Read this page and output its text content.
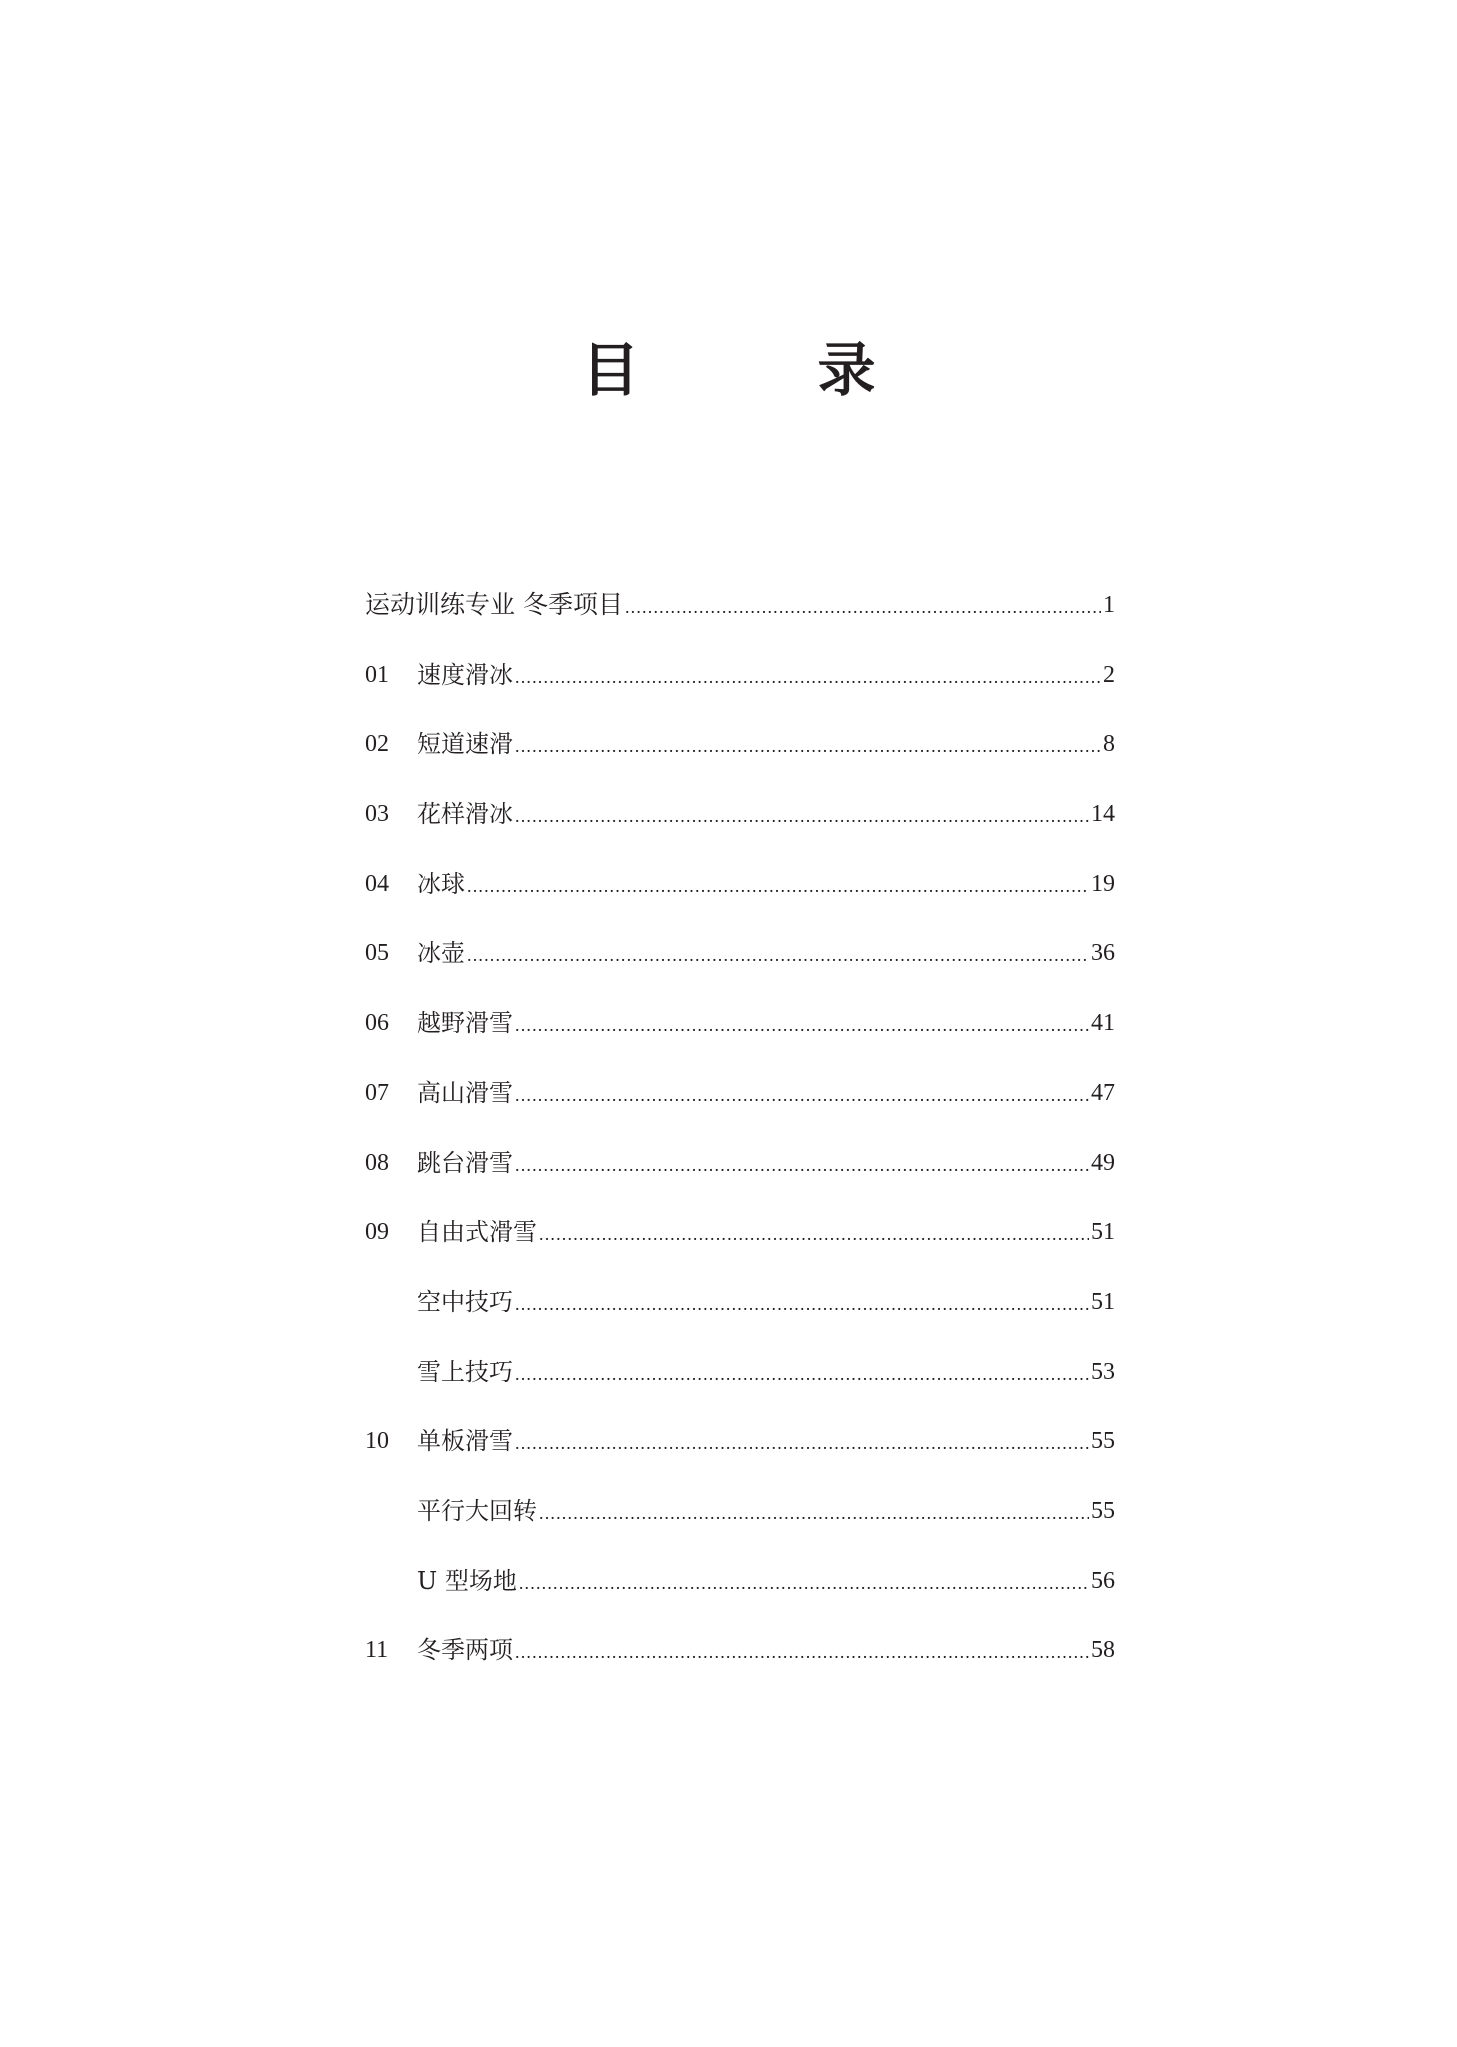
目　录
运动训练专业 冬季项目 .....	1
01	速度滑冰 .....	2
02	短道速滑 .....	8
03	花样滑冰 .....	14
04	冰球 .....	19
05	冰壶 .....	36
06	越野滑雪 .....	41
07	高山滑雪 .....	47
08	跳台滑雪 .....	49
09	自由式滑雪 .....	51
空中技巧 .....	51
雪上技巧 .....	53
10	单板滑雪 .....	55
平行大回转 .....	55
U 型场地 .....	56
11	冬季两项 .....	58
